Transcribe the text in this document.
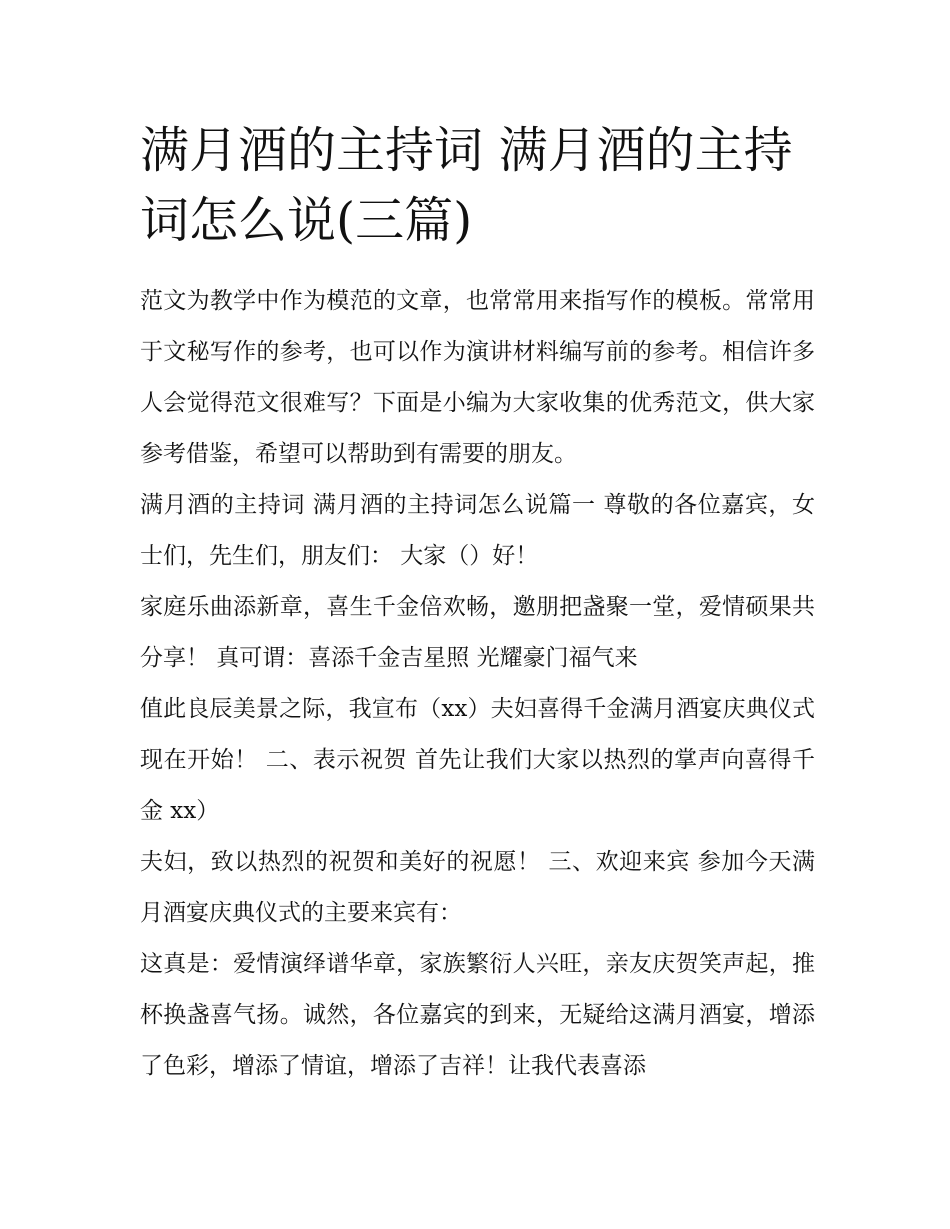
满月酒的主持词 满月酒的主持词怎么说(三篇)

范文为教学中作为模范的文章，也常常用来指写作的模板。常常用于文秘写作的参考，也可以作为演讲材料编写前的参考。相信许多人会觉得范文很难写？下面是小编为大家收集的优秀范文，供大家参考借鉴，希望可以帮助到有需要的朋友。

满月酒的主持词 满月酒的主持词怎么说篇一 尊敬的各位嘉宾，女士们，先生们，朋友们： 大家（）好！

家庭乐曲添新章，喜生千金倍欢畅，邀朋把盏聚一堂，爱情硕果共分享！ 真可谓：喜添千金吉星照 光耀豪门福气来

值此良辰美景之际，我宣布（xx）夫妇喜得千金满月酒宴庆典仪式现在开始！ 二、表示祝贺 首先让我们大家以热烈的掌声向喜得千金 xx）

夫妇，致以热烈的祝贺和美好的祝愿！ 三、欢迎来宾 参加今天满月酒宴庆典仪式的主要来宾有：

这真是：爱情演绎谱华章，家族繁衍人兴旺，亲友庆贺笑声起，推杯换盏喜气扬。诚然，各位嘉宾的到来，无疑给这满月酒宴，增添了色彩，增添了情谊，增添了吉祥！让我代表喜添
